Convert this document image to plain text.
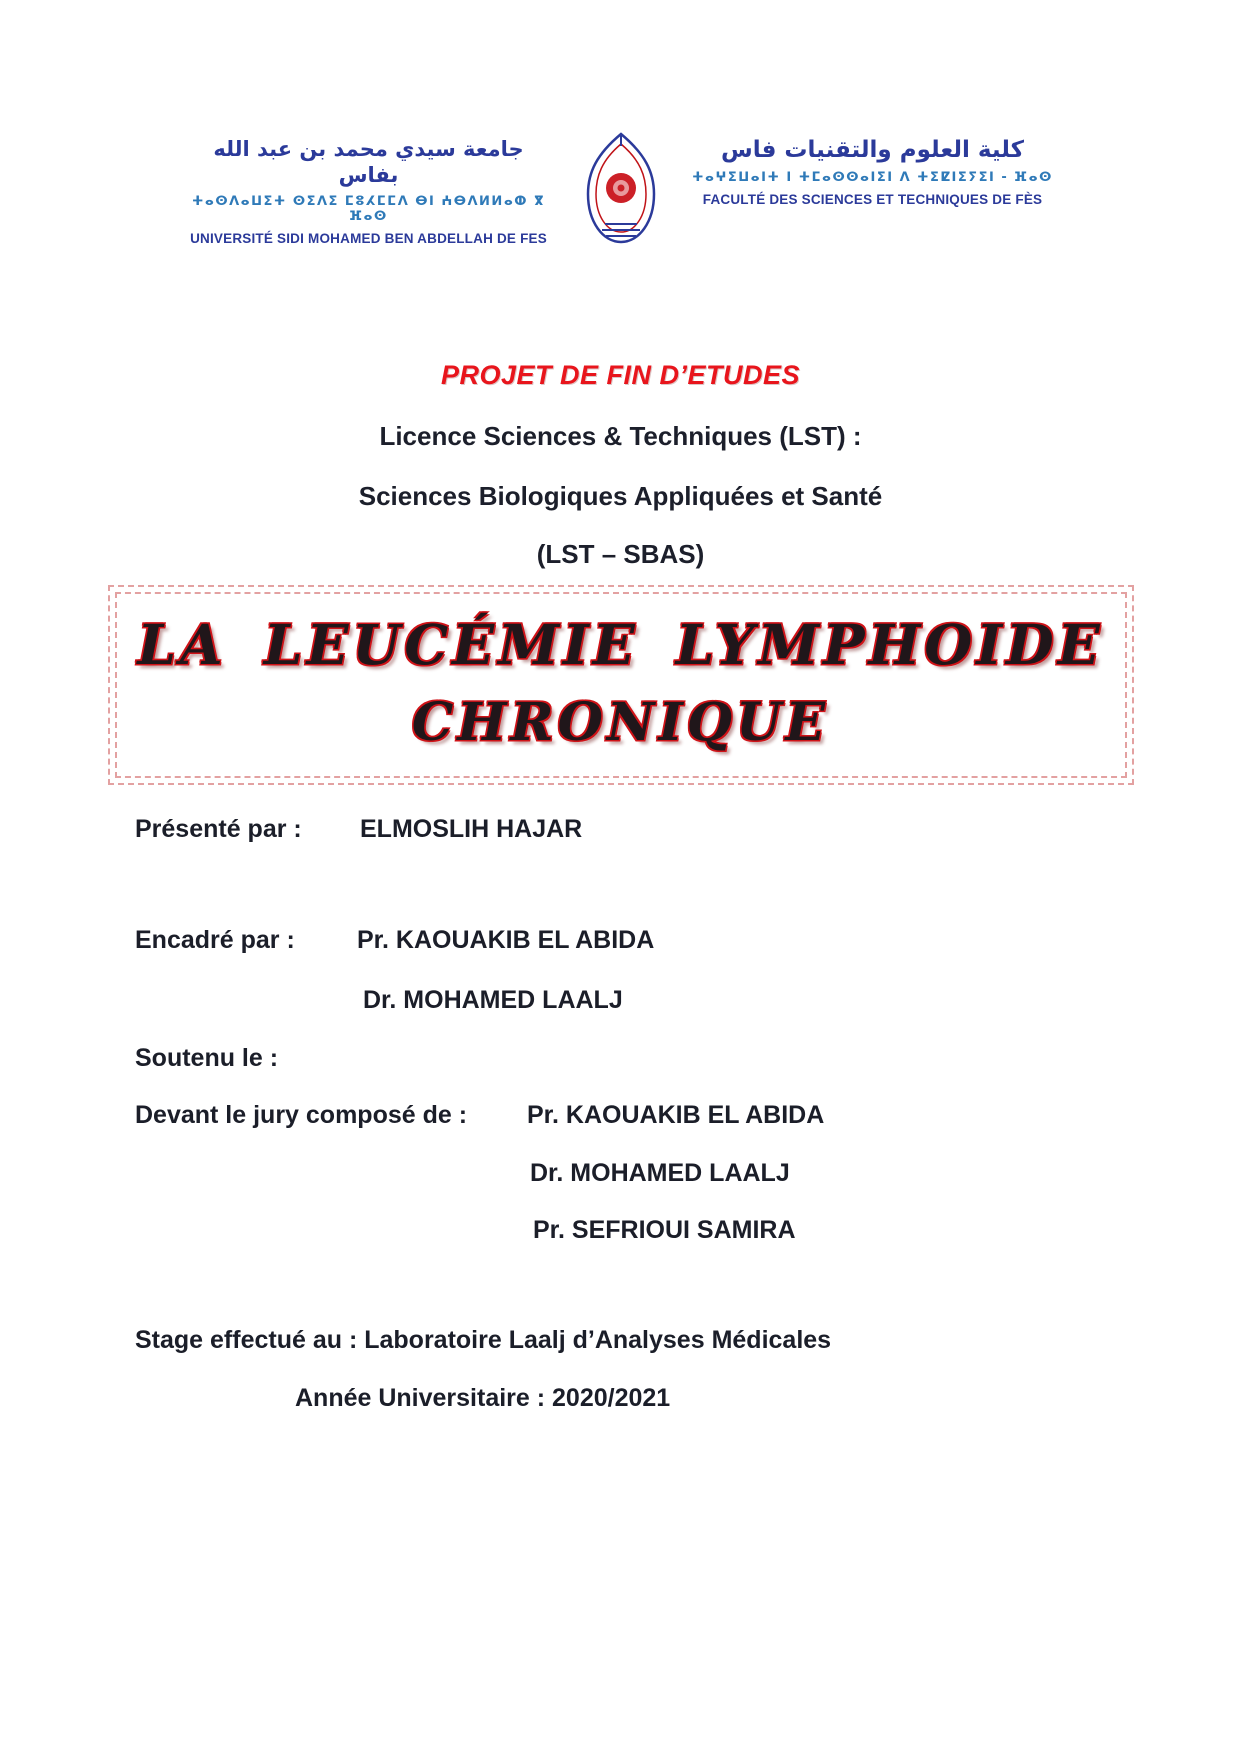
جامعة سيدي محمد بن عبد الله بفاس
ⵜⴰⵙⴷⴰⵡⵉⵜ ⵙⵉⴷⵉ ⵎⵓⵃⵎⵎⴷ ⴱⵏ ⵄⴱⴷⵍⵍⴰⵀ ⴳ ⴼⴰⵙ
UNIVERSITÉ SIDI MOHAMED BEN ABDELLAH DE FES
كلية العلوم والتقنيات فاس
ⵜⴰⵖⵉⵡⴰⵏⵜ ⵏ ⵜⵎⴰⵙⵙⴰⵏⵉⵏ ⴷ ⵜⵉⵇⵏⵉⵢⵉⵏ - ⴼⴰⵙ
FACULTÉ DES SCIENCES ET TECHNIQUES DE FÈS
PROJET DE FIN D’ETUDES
Licence Sciences & Techniques (LST) :
Sciences Biologiques Appliquées et Santé
(LST – SBAS)
LA LEUCÉMIE LYMPHOIDE
CHRONIQUE
Présenté par :	ELMOSLIH HAJAR
Encadré par :	Pr. KAOUAKIB EL ABIDA
Dr. MOHAMED LAALJ
Soutenu le :
Devant le jury composé de :	Pr. KAOUAKIB EL ABIDA
Dr. MOHAMED LAALJ
Pr. SEFRIOUI SAMIRA
Stage effectué au : Laboratoire Laalj d’Analyses Médicales
Année Universitaire : 2020/2021
